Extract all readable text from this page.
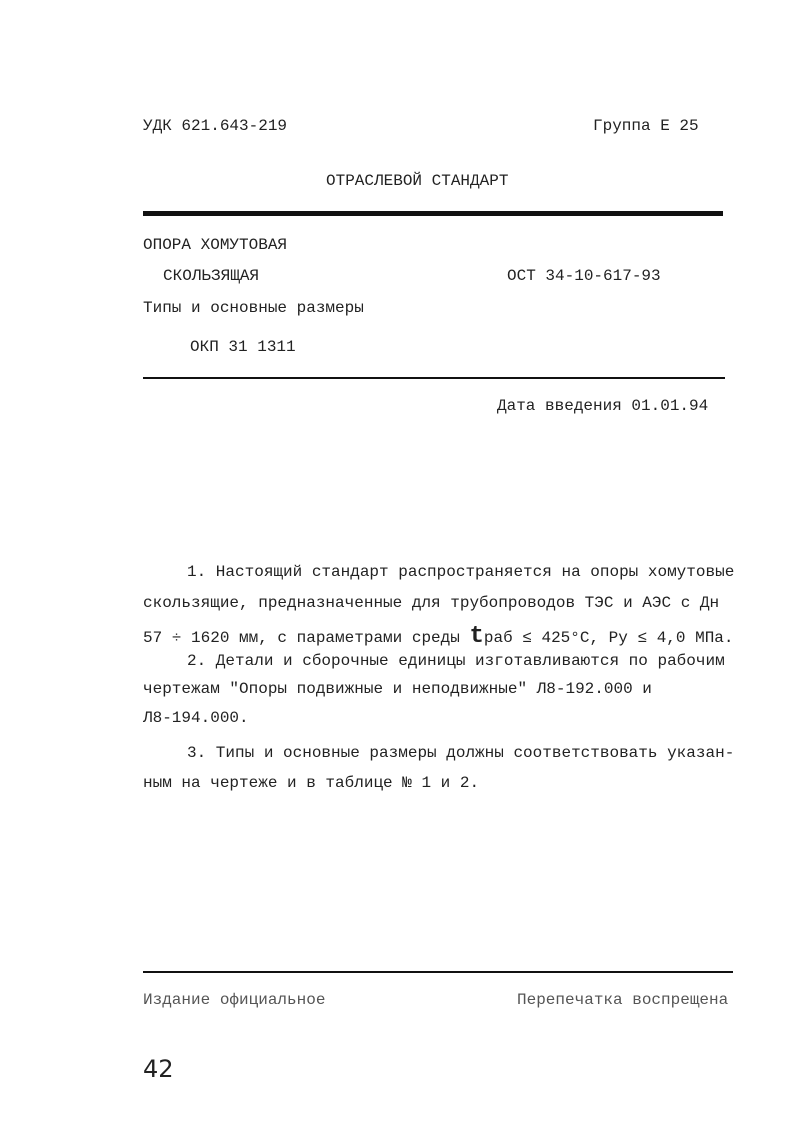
УДК 621.643-219	Группа Е 25
ОТРАСЛЕВОЙ СТАНДАРТ
ОПОРА ХОМУТОВАЯ
СКОЛЬЗЯЩАЯ	ОСТ 34-10-617-93
Типы и основные размеры
ОКП 31 1311
Дата введения 01.01.94
1. Настоящий стандарт распространяется на опоры хомутовые
скользящие, предназначенные для трубопроводов ТЭС и АЭС с Дн
57 ÷ 1620 мм, с параметрами среды tраб ≤ 425°С, Ру ≤ 4,0 МПа.
2. Детали и сборочные единицы изготавливаются по рабочим
чертежам "Опоры подвижные и неподвижные" Л8-192.000 и
Л8-194.000.
3. Типы и основные размеры должны соответствовать указан-
ным на чертеже и в таблице № 1 и 2.
Издание официальное	Перепечатка воспрещена
42
